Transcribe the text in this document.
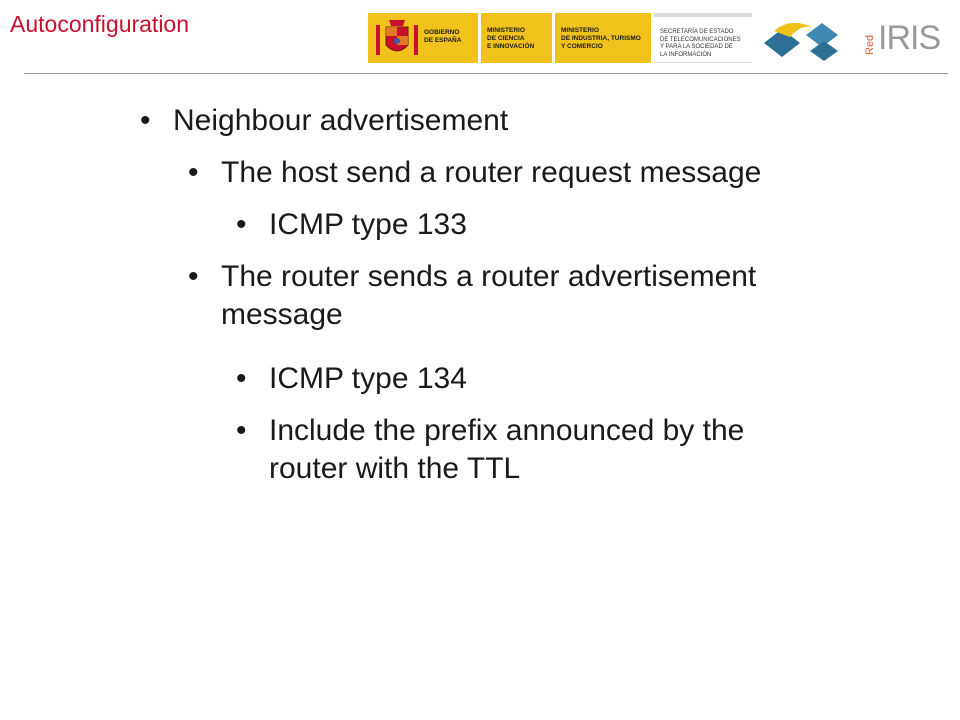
Autoconfiguration	GOBIERNO
DE ESPAÑA
MINISTERIO
DE CIENCIA
E INNOVACIÓN
MINISTERIO
DE INDUSTRIA, TURISMO
Y COMERCIO
SECRETARÍA DE ESTADO
DE TELECOMUNICACIONES
Y PARA LA SOCIEDAD DE
LA INFORMACIÓN	Red IRIS
• Neighbour advertisement
• The host send a router request message
• ICMP type 133
• The router sends a router advertisement
message
• ICMP type 134
• Include the prefix announced by the
router with the TTL
